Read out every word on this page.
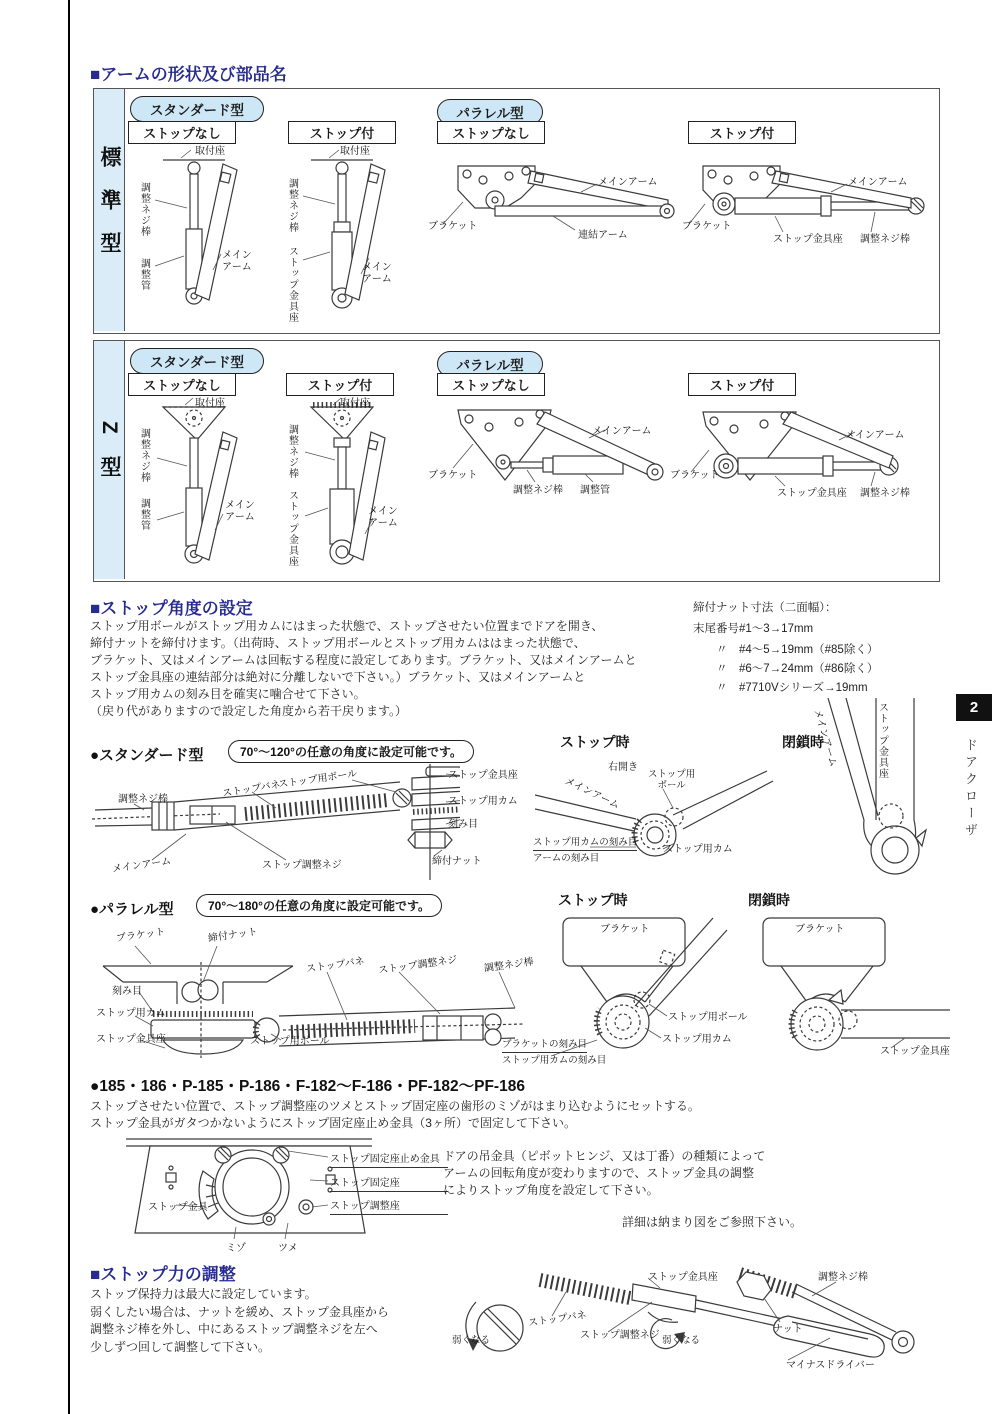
■アームの形状及び部品名
標準型
スタンダード型	パラレル型
ストップなし	ストップ付	ストップなし	ストップ付
取付座
調整ネジ棒
調整管
メイン
アーム
取付座
調整ネジ棒
ストップ金具座	メイン
アーム
ブラケット
メインアーム
連結アーム
ブラケット
メインアーム
ストップ金具座 調整ネジ棒
Z型
スタンダード型	パラレル型
ストップなし	ストップ付	ストップなし	ストップ付
取付座
調整ネジ棒
調整管	メイン
アーム
取付座
調整ネジ棒
ストップ金具座	メイン
アーム
ブラケット
調整ネジ棒 調整管
メインアーム
ブラケット
ストップ金具座 調整ネジ棒
メインアーム
■ストップ角度の設定
ストップ用ボールがストップ用カムにはまった状態で、ストップさせたい位置までドアを開き、
締付ナットを締付けます。（出荷時、ストップ用ボールとストップ用カムははまった状態で、
ブラケット、又はメインアームは回転する程度に設定してあります。ブラケット、又はメインアームと
ストップ金具座の連結部分は絶対に分離しないで下さい。）ブラケット、又はメインアームと
ストップ用カムの刻み目を確実に噛合せて下さい。
（戻り代がありますので設定した角度から若干戻ります。）
締付ナット寸法（二面幅）：
末尾番号#1～3→17mm
〃　#4～5→19mm（#85除く）
〃　#6～7→24mm（#86除く）
〃　#7710Vシリーズ→19mm
2
ドアクローザ
●スタンダード型	70°～120°の任意の角度に設定可能です。
調整ネジ棒	ストップバネ
ストップ用ボール	ストップ金具座
ストップ用カム
刻み目
締付ナット
メインアーム	ストップ調整ネジ
ストップ時	閉鎖時
右開き
ストップ用
ボール
メインアーム
ストップ用カムの刻み目
アームの刻み目
ストップ用カム
メインアーム	ストップ金具座
●パラレル型	70°～180°の任意の角度に設定可能です。
ブラケット	締付ナット
刻み目
ストップ用カム
ストップ金具座
ストップバネ ストップ調整ネジ	調整ネジ棒
ストップ用ボール
ストップ時	閉鎖時
ブラケット
ストップ用ボール
ストップ用カム
ブラケットの刻み目
ストップ用カムの刻み目
ブラケット
ストップ金具座
●185・186・P-185・P-186・F-182～F-186・PF-182～PF-186
ストップさせたい位置で、ストップ調整座のツメとストップ固定座の歯形のミゾがはまり込むようにセットする。
ストップ金具がガタつかないようにストップ固定座止め金具（3ヶ所）で固定して下さい。
ストップ固定座止め金具
ストップ固定座
ストップ調整座
ストップ金具
ミゾ	ツメ
ドアの吊金具（ピボットヒンジ、又は丁番）の種類によって
アームの回転角度が変わりますので、ストップ金具の調整
によりストップ角度を設定して下さい。
詳細は納まり図をご参照下さい。
■ストップ力の調整
ストップ保持力は最大に設定しています。
弱くしたい場合は、ナットを緩め、ストップ金具座から
調整ネジ棒を外し、中にあるストップ調整ネジを左へ
少しずつ回して調整して下さい。	弱くなる
ストップ金具座
ストップバネ
ストップ調整ネジ 弱くなる
マイナスドライバー
ナット
調整ネジ棒
